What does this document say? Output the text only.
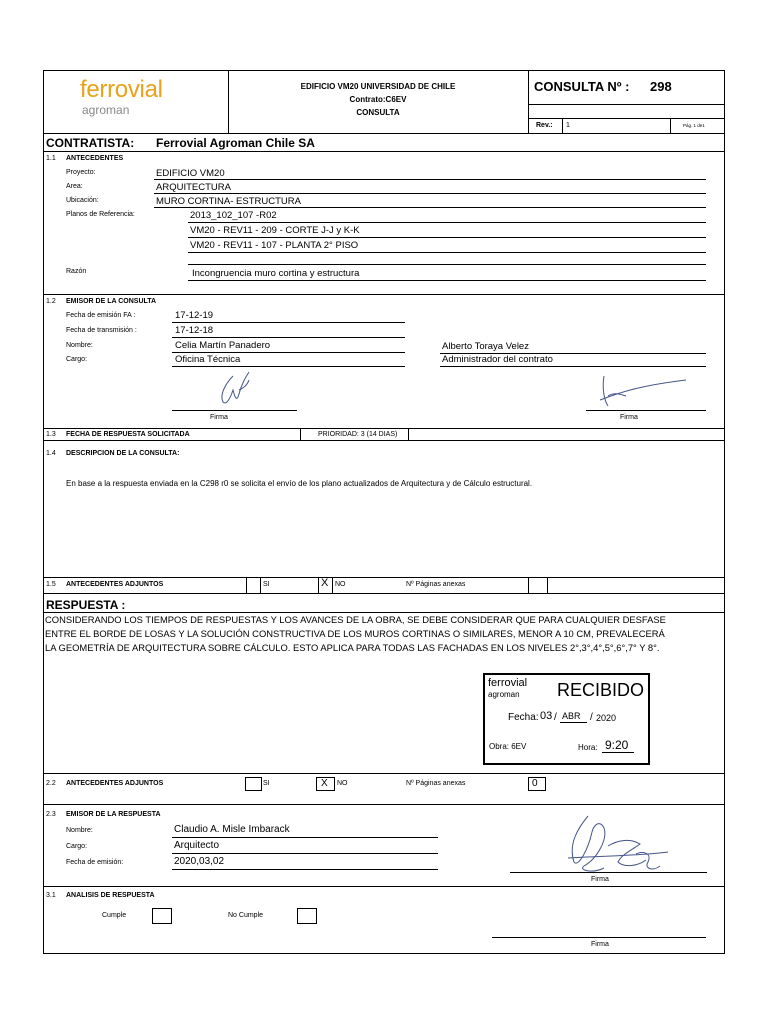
ferrovial
agroman
EDIFICIO VM20 UNIVERSIDAD DE CHILE
Contrato:C6EV
CONSULTA
CONSULTA Nº : 298
Rev.: 1	Pág. 1 de1
CONTRATISTA: Ferrovial Agroman Chile SA
1.1 ANTECEDENTES
Proyecto:	EDIFICIO VM20
Area:	ARQUITECTURA
Ubicación:	MURO CORTINA- ESTRUCTURA
Planos de Referencia:	2013_102_107 -R02
VM20 - REV11 - 209 - CORTE J-J y K-K
VM20 - REV11 - 107 - PLANTA 2° PISO
Razón	Incongruencia muro cortina y estructura
1.2 EMISOR DE LA CONSULTA
Fecha de emisión FA :	17-12-19
Fecha de transmisión :	17-12-18
Nombre:	Celia Martín Panadero	Alberto Toraya Velez
Cargo:	Oficina Técnica	Administrador del contrato
Firma	Firma
1.3 FECHA DE RESPUESTA SOLICITADA	PRIORIDAD: 3 (14 DIAS)
1.4 DESCRIPCION DE LA CONSULTA:
En base a la respuesta enviada en la C298 r0 se solicita el envío de los plano actualizados de Arquitectura y de Cálculo estructural.
1.5 ANTECEDENTES ADJUNTOS	SI	X NO	Nº Páginas anexas
RESPUESTA :
CONSIDERANDO LOS TIEMPOS DE RESPUESTAS Y LOS AVANCES DE LA OBRA, SE DEBE CONSIDERAR QUE PARA CUALQUIER DESFASE
ENTRE EL BORDE DE LOSAS Y LA SOLUCIÓN CONSTRUCTIVA DE LOS MUROS CORTINAS O SIMILARES, MENOR A 10 CM, PREVALECERÁ
LA GEOMETRÍA DE ARQUITECTURA SOBRE CÁLCULO. ESTO APLICA PARA TODAS LAS FACHADAS EN LOS NIVELES 2°,3°,4°,5°,6°,7° Y 8°.
ferrovial
agroman RECIBIDO
Fecha: 03 / ABR / 2020
Obra: 6EV	Hora: 9:20
2.2 ANTECEDENTES ADJUNTOS	SI	X NO	Nº Páginas anexas	0
2.3 EMISOR DE LA RESPUESTA
Nombre:	Claudio A. Misle Imbarack
Cargo:	Arquitecto
Fecha de emisión:	2020,03,02
Firma
3.1 ANALISIS DE RESPUESTA
Cumple	No Cumple
Firma
